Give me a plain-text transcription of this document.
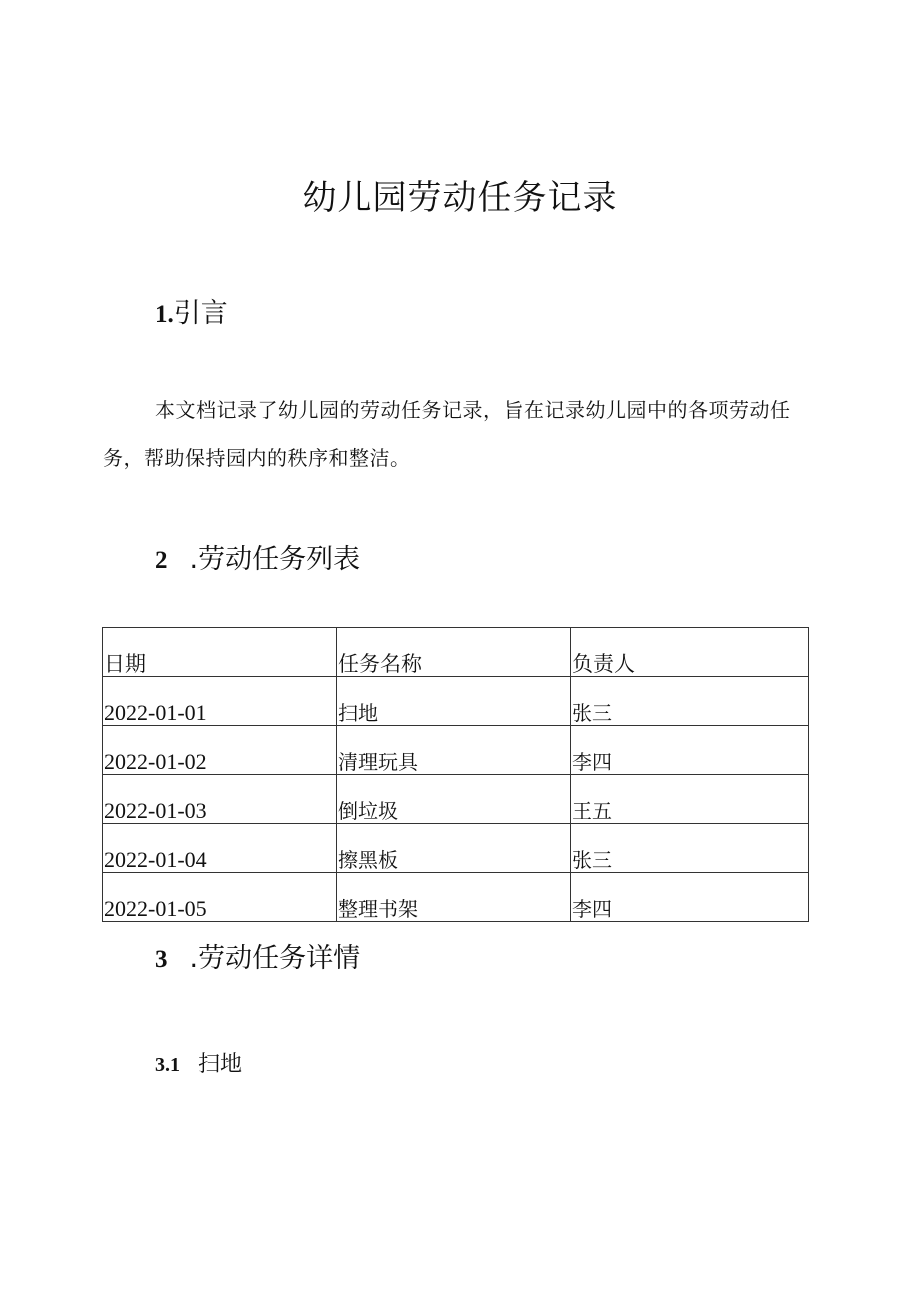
幼儿园劳动任务记录
1.引言

本文档记录了幼儿园的劳动任务记录，旨在记录幼儿园中的各项劳动任务，帮助保持园内的秩序和整洁。

2 .劳动任务列表
日期	任务名称	负责人
2022-01-01	扫地	张三
2022-01-02	清理玩具	李四
2022-01-03	倒垃圾	王五
2022-01-04	擦黑板	张三
2022-01-05	整理书架	李四
3 .劳动任务详情
3.1 扫地
